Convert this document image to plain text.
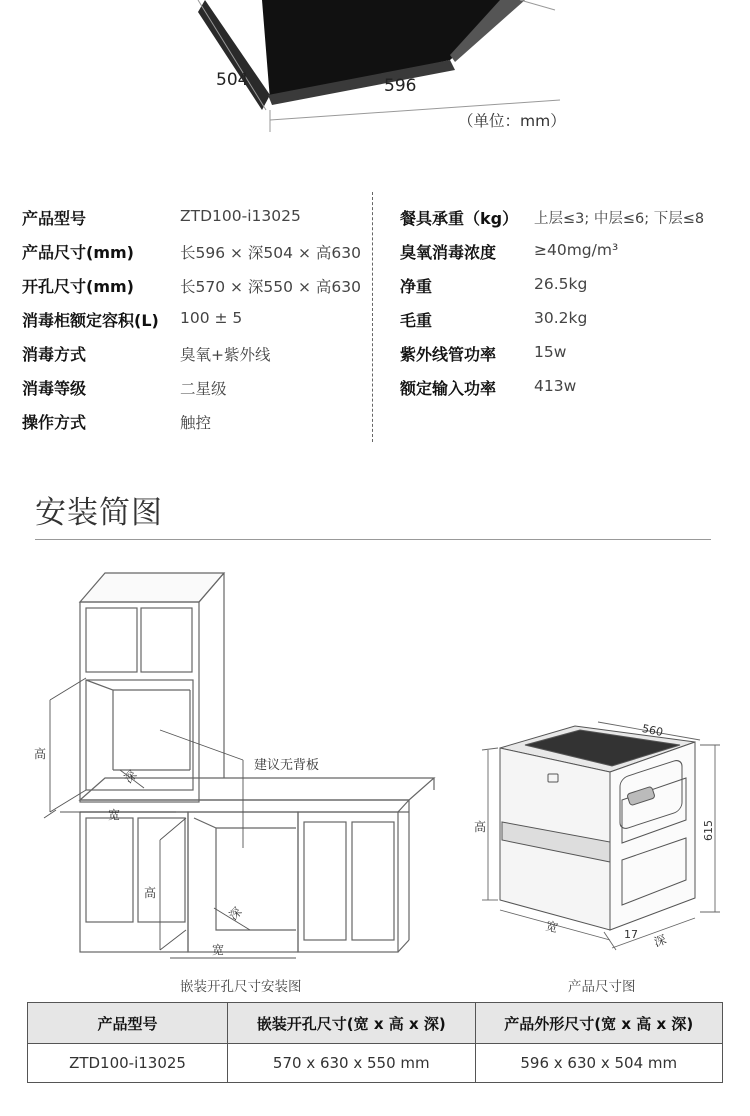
504	596
（单位：mm）
产品型号	ZTD100-i13025
产品尺寸(mm)	长596 × 深504 × 高630
开孔尺寸(mm)	长570 × 深550 × 高630
消毒柜额定容积(L) 100 ± 5
消毒方式	臭氧+紫外线
消毒等级	二星级
操作方式	触控
餐具承重（kg） 上层≤3; 中层≤6; 下层≤8
臭氧消毒浓度 ≥40mg/m³
净重	26.5kg
毛重	30.2kg
紫外线管功率 15w
额定输入功率 413w
安装简图
高
深
宽
建议无背板
高
深
宽
嵌装开孔尺寸安装图
560
615
高
宽	17 深
产品尺寸图
产品型号	嵌装开孔尺寸(宽 x 高 x 深)	产品外形尺寸(宽 x 高 x 深)
ZTD100-i13025	570 x 630 x 550 mm	596 x 630 x 504 mm
